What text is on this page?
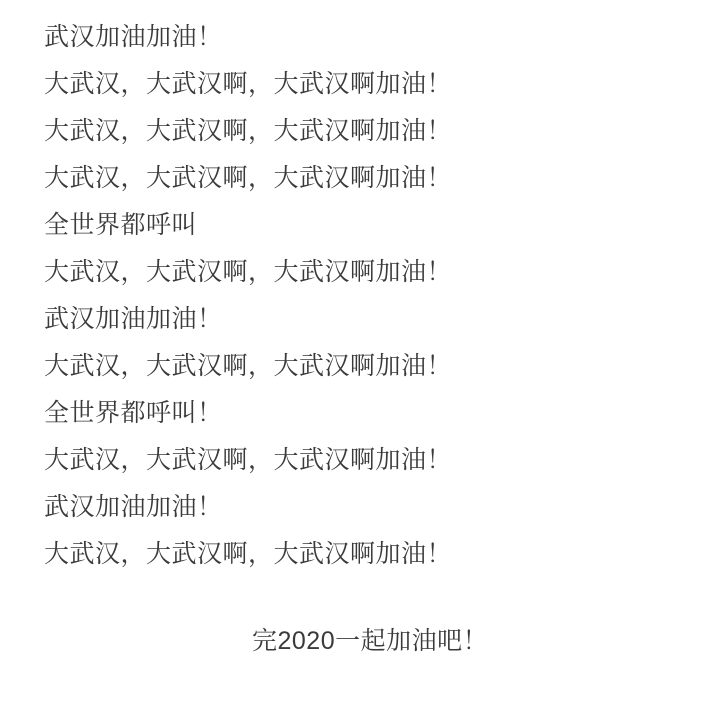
武汉加油加油！
大武汉，大武汉啊，大武汉啊加油！
大武汉，大武汉啊，大武汉啊加油！
大武汉，大武汉啊，大武汉啊加油！
全世界都呼叫
大武汉，大武汉啊，大武汉啊加油！
武汉加油加油！
大武汉，大武汉啊，大武汉啊加油！
全世界都呼叫！
大武汉，大武汉啊，大武汉啊加油！
武汉加油加油！
大武汉，大武汉啊，大武汉啊加油！
完2020一起加油吧！
